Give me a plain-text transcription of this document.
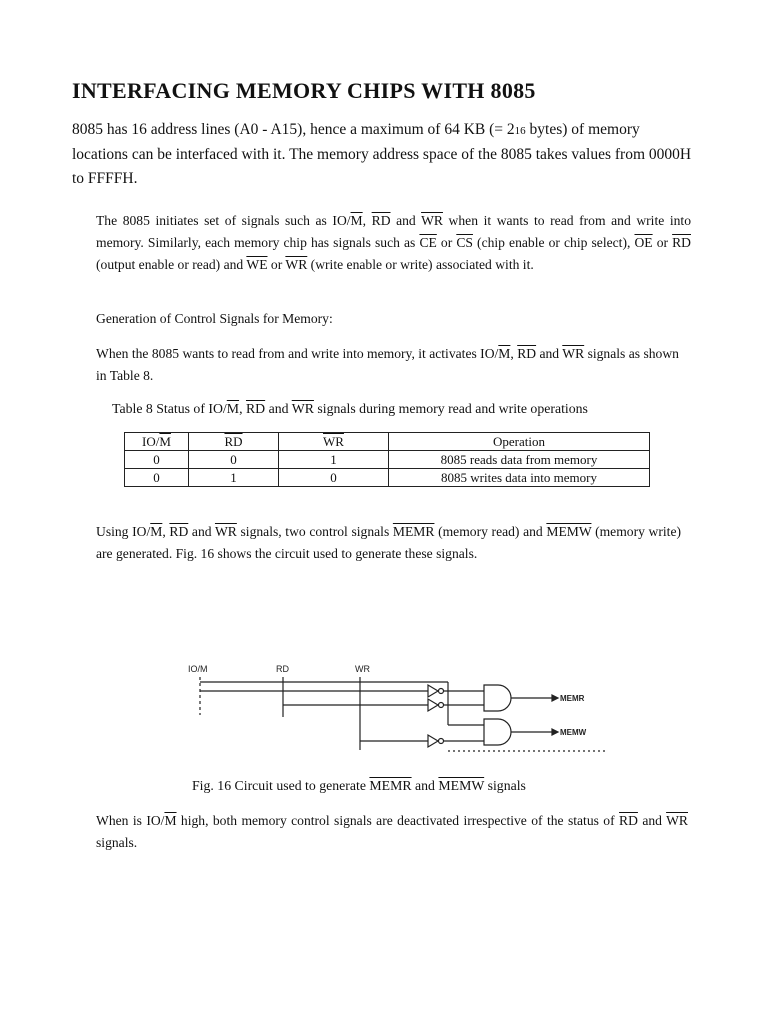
INTERFACING MEMORY CHIPS WITH 8085

8085 has 16 address lines (A0 - A15), hence a maximum of 64 KB (= 216 bytes) of memory locations can be interfaced with it. The memory address space of the 8085 takes values from 0000H to FFFFH.

The 8085 initiates set of signals such as $IO/\overline{M}$, $\overline{RD}$ and $\overline{WR}$ when it wants to read from and write into memory. Similarly, each memory chip has signals such as $\overline{CE}$ or $\overline{CS}$ (chip enable or chip select), $\overline{OE}$ or $\overline{RD}$ (output enable or read) and $\overline{WE}$ or $\overline{WR}$ (write enable or write) associated with it.

Generation of Control Signals for Memory:

When the 8085 wants to read from and write into memory, it activates $IO/\overline{M}$, $\overline{RD}$ and $\overline{WR}$ signals as shown in Table 8.

Table 8 Status of $IO/\overline{M}$, $\overline{RD}$ and $\overline{WR}$ signals during memory read and write operations

$IO/\overline{M}$	$\overline{RD}$	$\overline{WR}$	Operation
0	0	1	8085 reads data from memory
0	1	0	8085 writes data into memory

Using $IO/\overline{M}$, $\overline{RD}$ and $\overline{WR}$ signals, two control signals MEMR (memory read) and MEMW (memory write) are generated. Fig. 16 shows the circuit used to generate these signals.

IO/M	RD	WR
MEMR
MEMW

Fig. 16 Circuit used to generate MEMR and MEMW signals

When is $IO/\overline{M}$ high, both memory control signals are deactivated irrespective of the status of $\overline{RD}$ and $\overline{WR}$ signals.
